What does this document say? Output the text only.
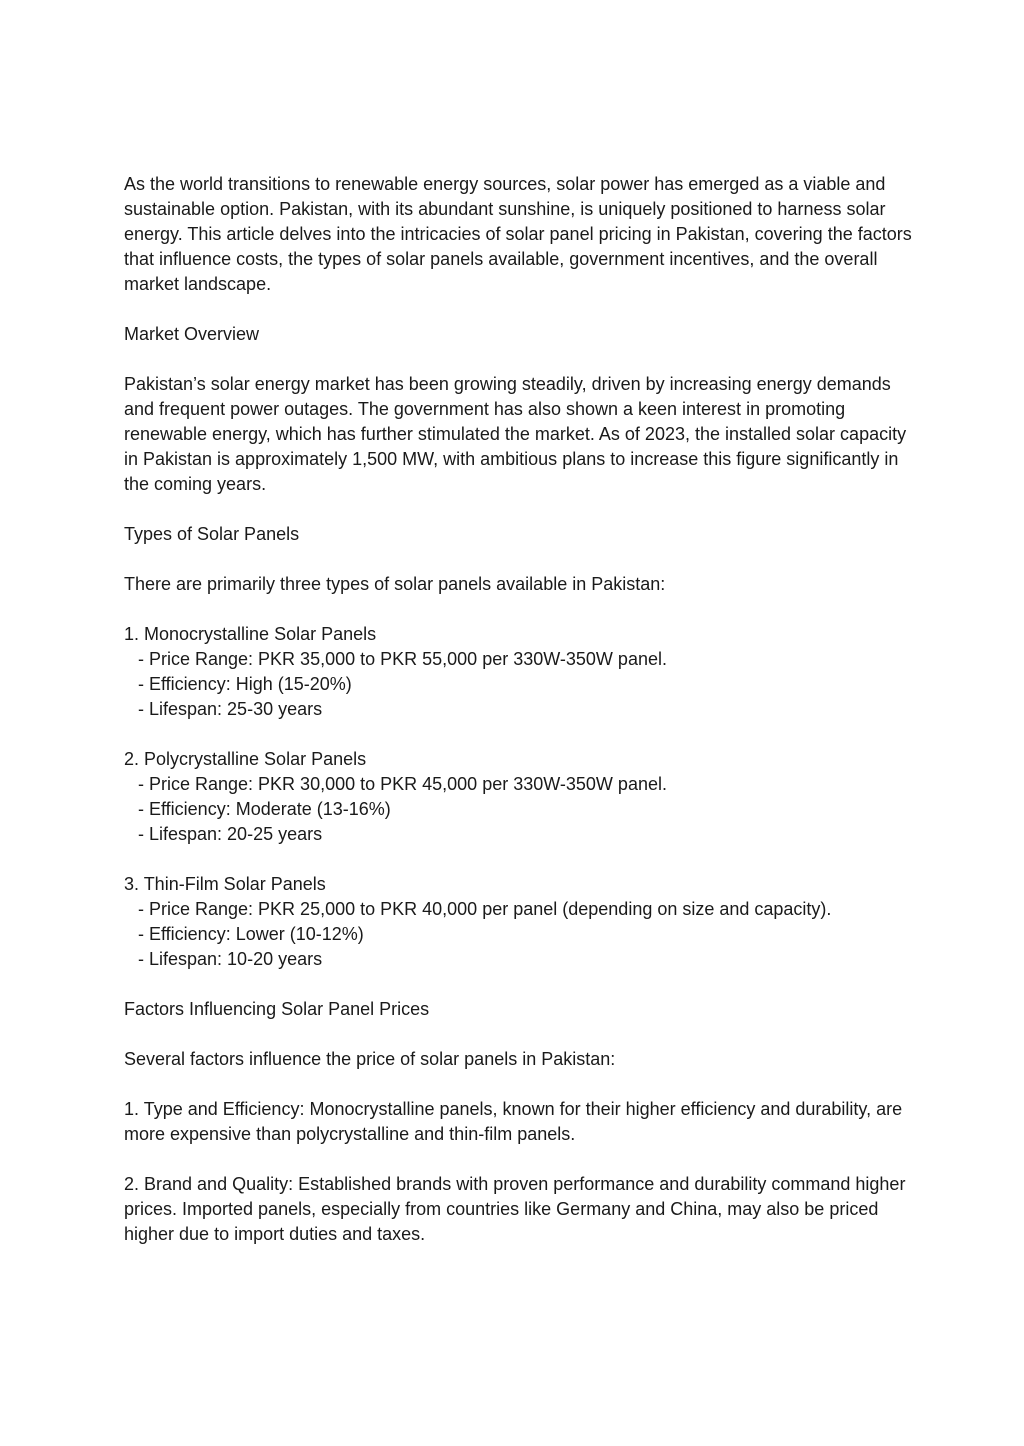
As the world transitions to renewable energy sources, solar power has emerged as a viable and sustainable option. Pakistan, with its abundant sunshine, is uniquely positioned to harness solar energy. This article delves into the intricacies of solar panel pricing in Pakistan, covering the factors that influence costs, the types of solar panels available, government incentives, and the overall market landscape.

Market Overview

Pakistan’s solar energy market has been growing steadily, driven by increasing energy demands and frequent power outages. The government has also shown a keen interest in promoting renewable energy, which has further stimulated the market. As of 2023, the installed solar capacity in Pakistan is approximately 1,500 MW, with ambitious plans to increase this figure significantly in the coming years.

Types of Solar Panels

There are primarily three types of solar panels available in Pakistan:

1. Monocrystalline Solar Panels

- Price Range: PKR 35,000 to PKR 55,000 per 330W-350W panel.

- Efficiency: High (15-20%)

- Lifespan: 25-30 years

2. Polycrystalline Solar Panels

- Price Range: PKR 30,000 to PKR 45,000 per 330W-350W panel.

- Efficiency: Moderate (13-16%)

- Lifespan: 20-25 years

3. Thin-Film Solar Panels

- Price Range: PKR 25,000 to PKR 40,000 per panel (depending on size and capacity).

- Efficiency: Lower (10-12%)

- Lifespan: 10-20 years

Factors Influencing Solar Panel Prices

Several factors influence the price of solar panels in Pakistan:

1. Type and Efficiency: Monocrystalline panels, known for their higher efficiency and durability, are more expensive than polycrystalline and thin-film panels.

2. Brand and Quality: Established brands with proven performance and durability command higher prices. Imported panels, especially from countries like Germany and China, may also be priced higher due to import duties and taxes.
